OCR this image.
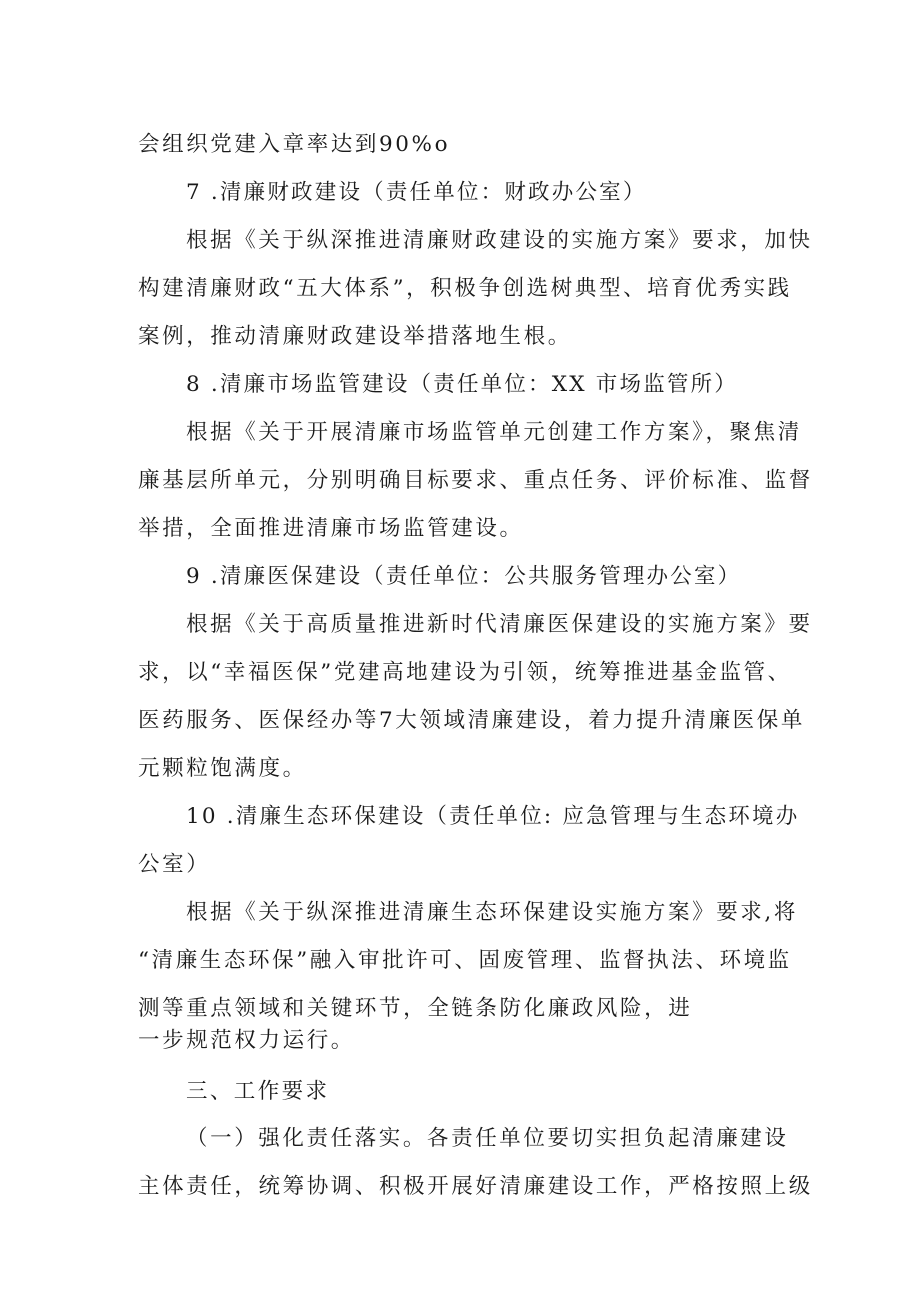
会组织党建入章率达到90%o
7 .清廉财政建设（责任单位：财政办公室）
根据《关于纵深推进清廉财政建设的实施方案》要求，加快
构建清廉财政“五大体系”，积极争创选树典型、培育优秀实践
案例，推动清廉财政建设举措落地生根。
8 .清廉市场监管建设（责任单位：XX 市场监管所）
根据《关于开展清廉市场监管单元创建工作方案》，聚焦清
廉基层所单元，分别明确目标要求、重点任务、评价标准、监督
举措，全面推进清廉市场监管建设。
9 .清廉医保建设（责任单位：公共服务管理办公室）
根据《关于高质量推进新时代清廉医保建设的实施方案》要
求，以“幸福医保”党建高地建设为引领，统筹推进基金监管、
医药服务、医保经办等7大领域清廉建设，着力提升清廉医保单
元颗粒饱满度。
10 .清廉生态环保建设（责任单位: 应急管理与生态环境办
公室）
根据《关于纵深推进清廉生态环保建设实施方案》要求,将
“清廉生态环保”融入审批许可、固废管理、监督执法、环境监
测等重点领域和关键环节，全链条防化廉政风险，进
一步规范权力运行。
三、工作要求
（一）强化责任落实。各责任单位要切实担负起清廉建设
主体责任，统筹协调、积极开展好清廉建设工作，严格按照上级
